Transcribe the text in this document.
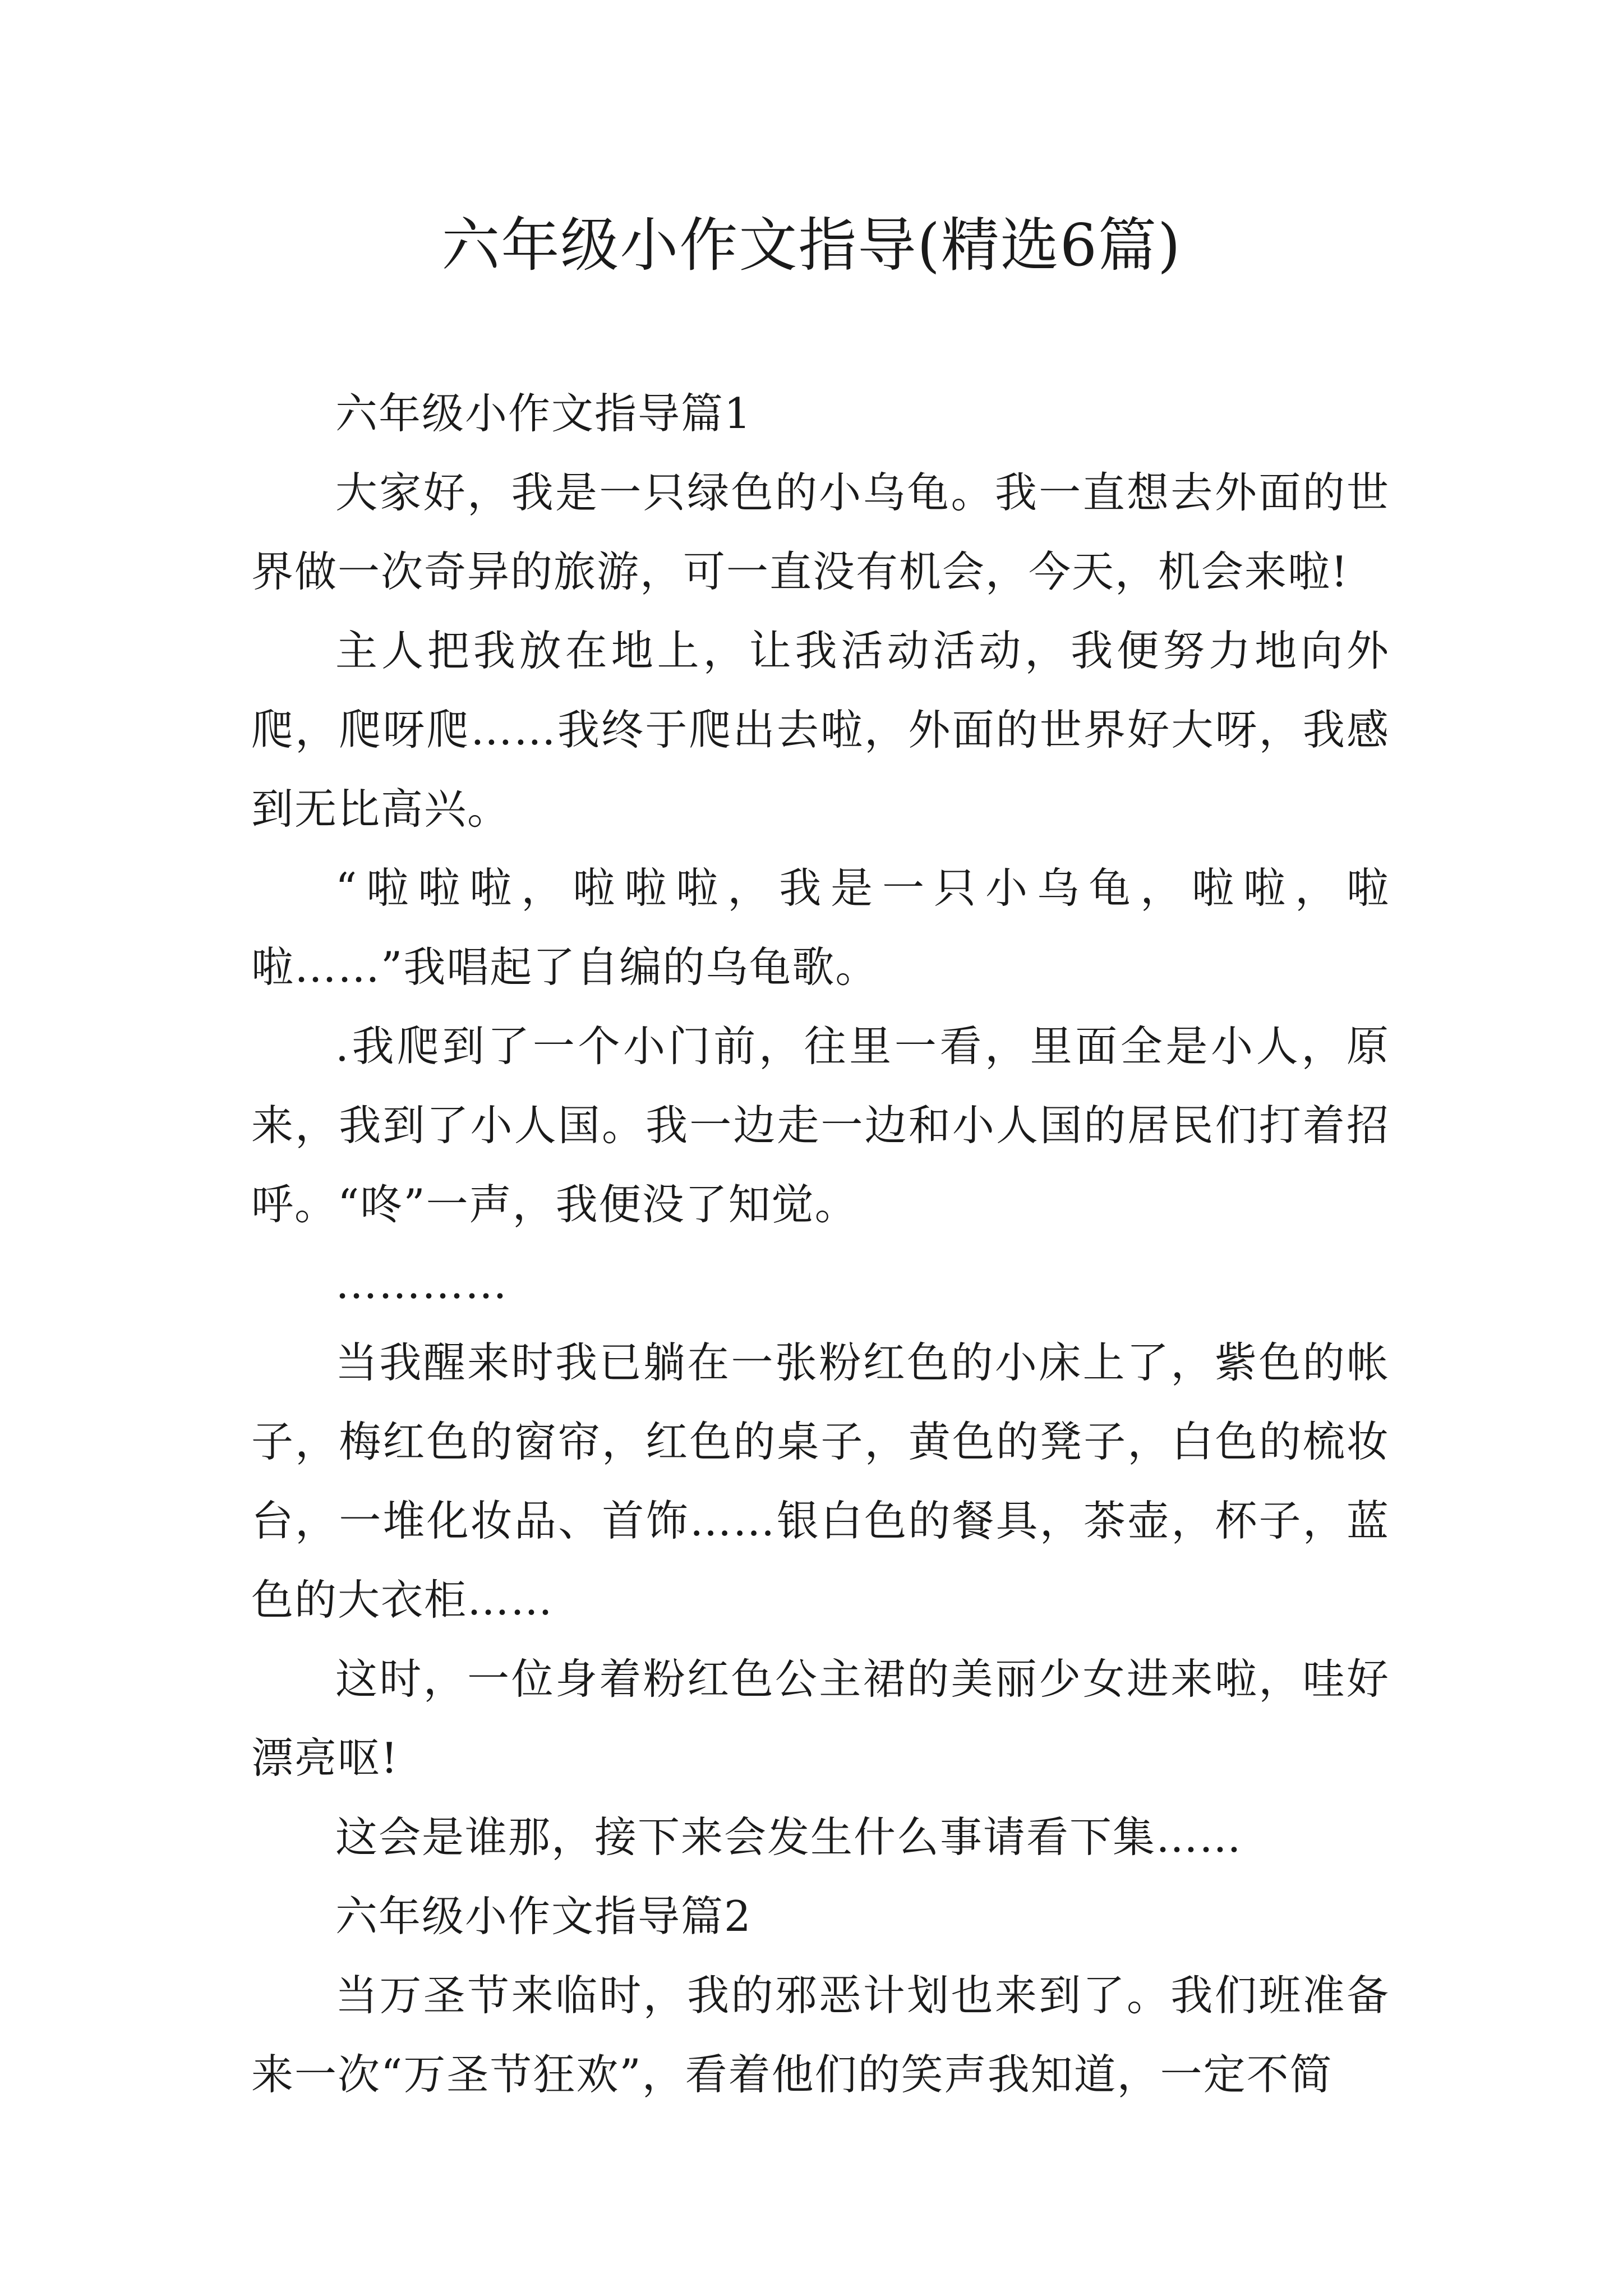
六年级小作文指导(精选6篇)

六年级小作文指导篇1

大家好，我是一只绿色的小乌龟。我一直想去外面的世界做一次奇异的旅游，可一直没有机会，今天，机会来啦!

主人把我放在地上，让我活动活动，我便努力地向外爬，爬呀爬……我终于爬出去啦，外面的世界好大呀，我感到无比高兴。

“啦啦啦，啦啦啦，我是一只小乌龟，啦啦，啦啦……”我唱起了自编的乌龟歌。

.我爬到了一个小门前，往里一看，里面全是小人，原来，我到了小人国。我一边走一边和小人国的居民们打着招呼。“咚”一声，我便没了知觉。

…………

当我醒来时我已躺在一张粉红色的小床上了，紫色的帐子，梅红色的窗帘，红色的桌子，黄色的凳子，白色的梳妆台，一堆化妆品、首饰……银白色的餐具，茶壶，杯子，蓝色的大衣柜……

这时，一位身着粉红色公主裙的美丽少女进来啦，哇好漂亮呕!

这会是谁那，接下来会发生什么事请看下集……

六年级小作文指导篇2

当万圣节来临时，我的邪恶计划也来到了。我们班准备来一次“万圣节狂欢”，看着他们的笑声我知道，一定不简
